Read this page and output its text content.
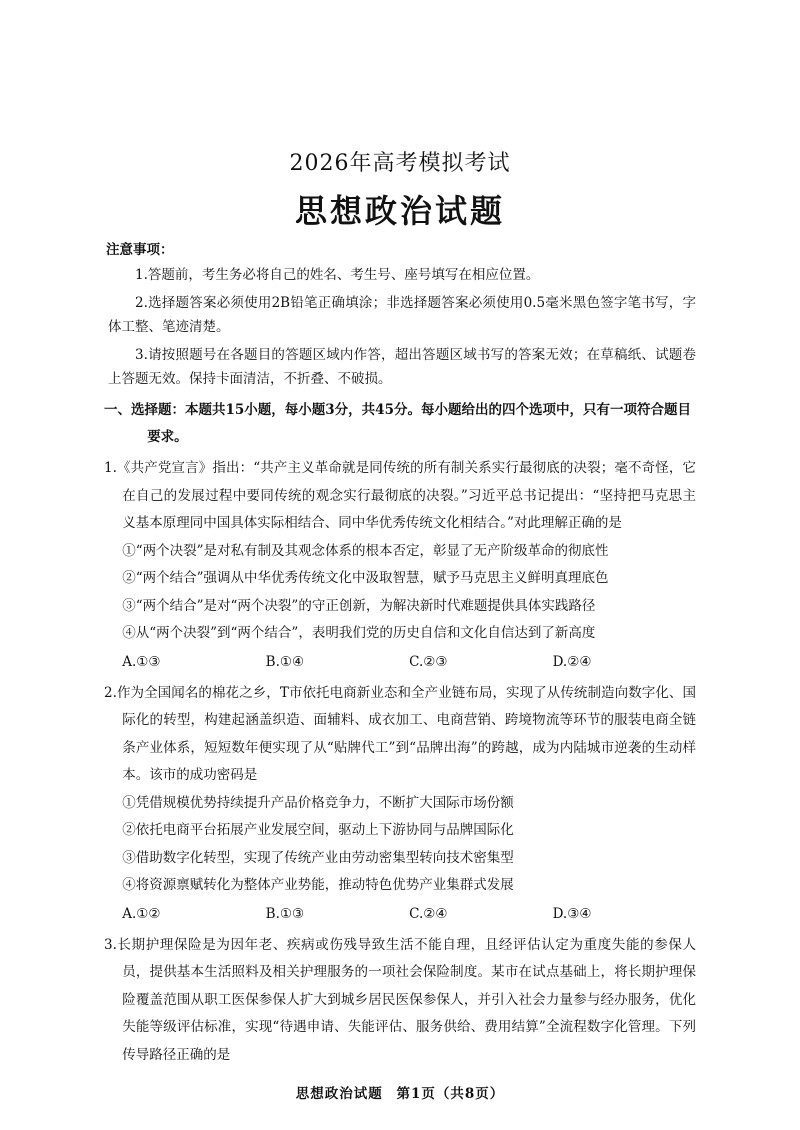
2026年高考模拟考试
思想政治试题
注意事项：

1.答题前，考生务必将自己的姓名、考生号、座号填写在相应位置。

2.选择题答案必须使用2B铅笔正确填涂；非选择题答案必须使用0.5毫米黑色签字笔书写，字体工整、笔迹清楚。

3.请按照题号在各题目的答题区域内作答，超出答题区域书写的答案无效；在草稿纸、试题卷上答题无效。保持卡面清洁，不折叠、不破损。

一、选择题：本题共15小题，每小题3分，共45分。每小题给出的四个选项中，只有一项符合题目要求。
1.《共产党宣言》指出：“共产主义革命就是同传统的所有制关系实行最彻底的决裂；毫不奇怪，它在自己的发展过程中要同传统的观念实行最彻底的决裂。”习近平总书记提出：“坚持把马克思主义基本原理同中国具体实际相结合、同中华优秀传统文化相结合。”对此理解正确的是
①“两个决裂”是对私有制及其观念体系的根本否定，彰显了无产阶级革命的彻底性
②“两个结合”强调从中华优秀传统文化中汲取智慧，赋予马克思主义鲜明真理底色
③“两个结合”是对“两个决裂”的守正创新，为解决新时代难题提供具体实践路径
④从“两个决裂”到“两个结合”，表明我们党的历史自信和文化自信达到了新高度
A.①③	B.①④	C.②③	D.②④
2.作为全国闻名的棉花之乡，T市依托电商新业态和全产业链布局，实现了从传统制造向数字化、国际化的转型，构建起涵盖织造、面辅料、成衣加工、电商营销、跨境物流等环节的服装电商全链条产业体系，短短数年便实现了从“贴牌代工”到“品牌出海”的跨越，成为内陆城市逆袭的生动样本。该市的成功密码是
①凭借规模优势持续提升产品价格竞争力，不断扩大国际市场份额
②依托电商平台拓展产业发展空间，驱动上下游协同与品牌国际化
③借助数字化转型，实现了传统产业由劳动密集型转向技术密集型
④将资源禀赋转化为整体产业势能，推动特色优势产业集群式发展
A.①②	B.①③	C.②④	D.③④
3.长期护理保险是为因年老、疾病或伤残导致生活不能自理，且经评估认定为重度失能的参保人员，提供基本生活照料及相关护理服务的一项社会保险制度。某市在试点基础上，将长期护理保险覆盖范围从职工医保参保人扩大到城乡居民医保参保人，并引入社会力量参与经办服务，优化失能等级评估标准，实现“待遇申请、失能评估、服务供给、费用结算”全流程数字化管理。下列传导路径正确的是
思想政治试题 第1页（共8页）
